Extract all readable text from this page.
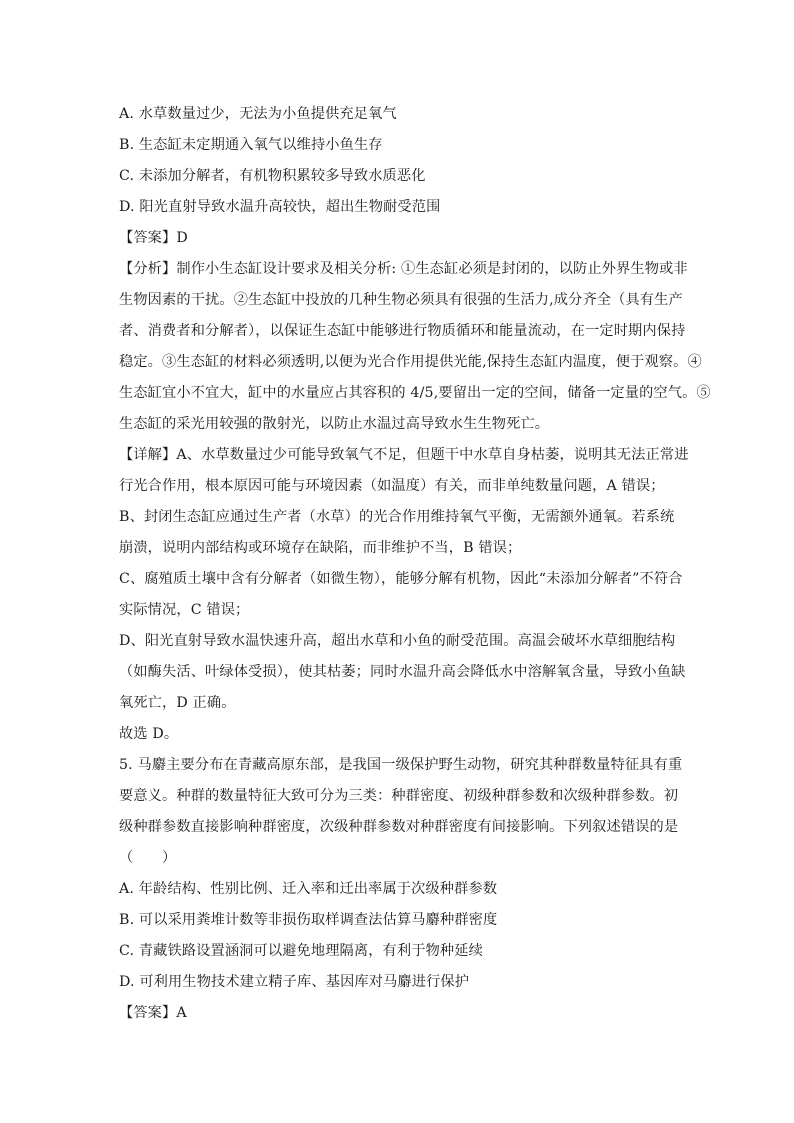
A. 水草数量过少，无法为小鱼提供充足氧气
B. 生态缸未定期通入氧气以维持小鱼生存
C. 未添加分解者，有机物积累较多导致水质恶化
D. 阳光直射导致水温升高较快，超出生物耐受范围
【答案】D
【分析】制作小生态缸设计要求及相关分析: ①生态缸必须是封闭的，以防止外界生物或非
生物因素的干扰。②生态缸中投放的几种生物必须具有很强的生活力,成分齐全（具有生产
者、消费者和分解者），以保证生态缸中能够进行物质循环和能量流动，在一定时期内保持
稳定。③生态缸的材料必须透明,以便为光合作用提供光能,保持生态缸内温度，便于观察。④
生态缸宜小不宜大，缸中的水量应占其容积的 4/5,要留出一定的空间，储备一定量的空气。⑤
生态缸的采光用较强的散射光，以防止水温过高导致水生生物死亡。
【详解】A、水草数量过少可能导致氧气不足，但题干中水草自身枯萎，说明其无法正常进
行光合作用，根本原因可能与环境因素（如温度）有关，而非单纯数量问题，A 错误；
B、封闭生态缸应通过生产者（水草）的光合作用维持氧气平衡，无需额外通氧。若系统
崩溃，说明内部结构或环境存在缺陷，而非维护不当，B 错误；
C、腐殖质土壤中含有分解者（如微生物），能够分解有机物，因此“未添加分解者”不符合
实际情况，C 错误；
D、阳光直射导致水温快速升高，超出水草和小鱼的耐受范围。高温会破坏水草细胞结构
（如酶失活、叶绿体受损），使其枯萎；同时水温升高会降低水中溶解氧含量，导致小鱼缺
氧死亡，D 正确。
故选 D。
5. 马麝主要分布在青藏高原东部，是我国一级保护野生动物，研究其种群数量特征具有重
要意义。种群的数量特征大致可分为三类：种群密度、初级种群参数和次级种群参数。初
级种群参数直接影响种群密度，次级种群参数对种群密度有间接影响。下列叙述错误的是
（　　）
A. 年龄结构、性别比例、迁入率和迁出率属于次级种群参数
B. 可以采用粪堆计数等非损伤取样调查法估算马麝种群密度
C. 青藏铁路设置涵洞可以避免地理隔离，有利于物种延续
D. 可利用生物技术建立精子库、基因库对马麝进行保护
【答案】A
